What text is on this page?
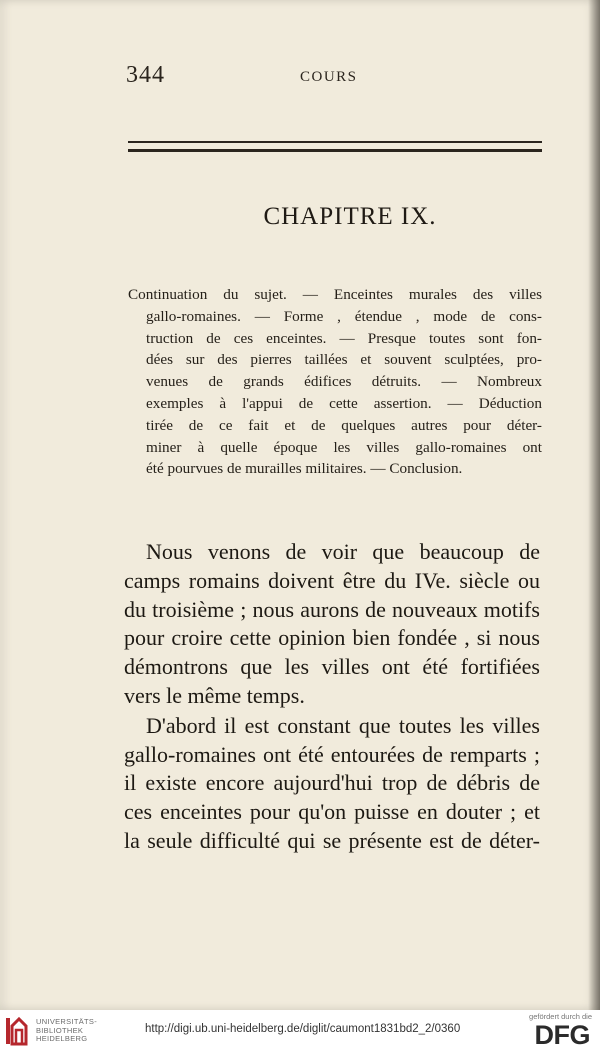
344	COURS
CHAPITRE IX.
Continuation du sujet. — Enceintes murales des villes
gallo-romaines. — Forme , étendue , mode de cons-
truction de ces enceintes. — Presque toutes sont fon-
dées sur des pierres taillées et souvent sculptées, pro-
venues de grands édifices détruits. — Nombreux
exemples à l'appui de cette assertion. — Déduction
tirée de ce fait et de quelques autres pour déter-
miner à quelle époque les villes gallo-romaines ont
été pourvues de murailles militaires. — Conclusion.
Nous venons de voir que beaucoup de
camps romains doivent être du IVe. siècle ou
du troisième ; nous aurons de nouveaux motifs
pour croire cette opinion bien fondée , si nous
démontrons que les villes ont été fortifiées
vers le même temps.
D'abord il est constant que toutes les villes
gallo-romaines ont été entourées de remparts ;
il existe encore aujourd'hui trop de débris de
ces enceintes pour qu'on puisse en douter ; et
la seule difficulté qui se présente est de déter-
UNIVERSITÄTS-
BIBLIOTHEK
HEIDELBERG
http://digi.ub.uni-heidelberg.de/diglit/caumont1831bd2_2/0360
gefördert durch die
DFG
